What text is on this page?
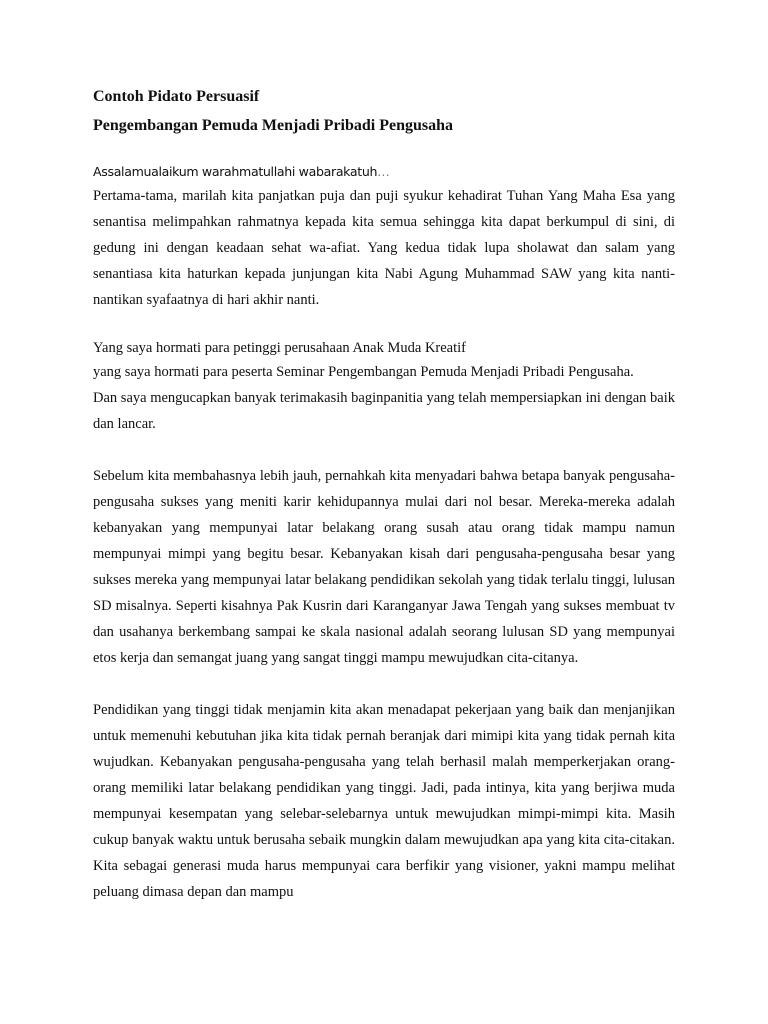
Contoh Pidato Persuasif
Pengembangan Pemuda Menjadi Pribadi Pengusaha
Assalamualaikum warahmatullahi wabarakatuh…

Pertama-tama, marilah kita panjatkan puja dan puji syukur kehadirat Tuhan Yang Maha Esa yang senantisa melimpahkan rahmatnya kepada kita semua sehingga kita dapat berkumpul di sini, di gedung ini dengan keadaan sehat wa-afiat. Yang kedua tidak lupa sholawat dan salam yang senantiasa kita haturkan kepada junjungan kita Nabi Agung Muhammad SAW yang kita nanti-nantikan syafaatnya di hari akhir nanti.

Yang saya hormati para petinggi perusahaan Anak Muda Kreatif
yang saya hormati para peserta Seminar Pengembangan Pemuda Menjadi Pribadi Pengusaha.

Dan saya mengucapkan banyak terimakasih baginpanitia yang telah mempersiapkan ini dengan baik dan lancar.

Sebelum kita membahasnya lebih jauh, pernahkah kita menyadari bahwa betapa banyak pengusaha-pengusaha sukses yang meniti karir kehidupannya mulai dari nol besar. Mereka-mereka adalah kebanyakan yang mempunyai latar belakang orang susah atau orang tidak mampu namun mempunyai mimpi yang begitu besar. Kebanyakan kisah dari pengusaha-pengusaha besar yang sukses mereka yang mempunyai latar belakang pendidikan sekolah yang tidak terlalu tinggi, lulusan SD misalnya. Seperti kisahnya Pak Kusrin dari Karanganyar Jawa Tengah yang sukses membuat tv dan usahanya berkembang sampai ke skala nasional adalah seorang lulusan SD yang mempunyai etos kerja dan semangat juang yang sangat tinggi mampu mewujudkan cita-citanya.

Pendidikan yang tinggi tidak menjamin kita akan menadapat pekerjaan yang baik dan menjanjikan untuk memenuhi kebutuhan jika kita tidak pernah beranjak dari mimipi kita yang tidak pernah kita wujudkan. Kebanyakan pengusaha-pengusaha yang telah berhasil malah memperkerjakan orang-orang memiliki latar belakang pendidikan yang tinggi. Jadi, pada intinya, kita yang berjiwa muda mempunyai kesempatan yang selebar-selebarnya untuk mewujudkan mimpi-mimpi kita. Masih cukup banyak waktu untuk berusaha sebaik mungkin dalam mewujudkan apa yang kita cita-citakan. Kita sebagai generasi muda harus mempunyai cara berfikir yang visioner, yakni mampu melihat peluang dimasa depan dan mampu
